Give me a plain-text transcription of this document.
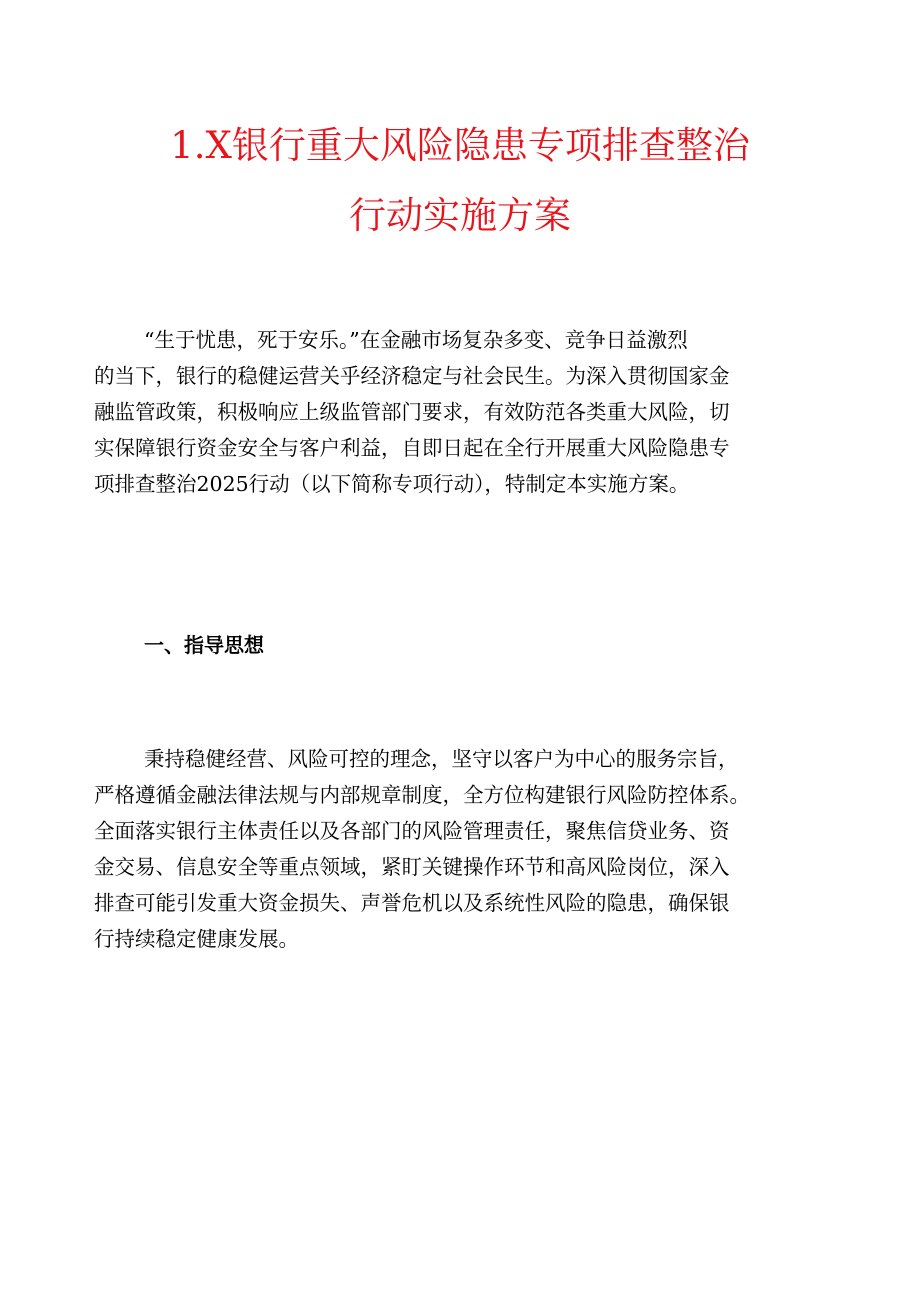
1.X银行重大风险隐患专项排查整治
行动实施方案
“生于忧患，死于安乐。”在金融市场复杂多变、竞争日益激烈
的当下，银行的稳健运营关乎经济稳定与社会民生。为深入贯彻国家金
融监管政策，积极响应上级监管部门要求，有效防范各类重大风险，切
实保障银行资金安全与客户利益，自即日起在全行开展重大风险隐患专
项排查整治2025行动（以下简称专项行动），特制定本实施方案。
一、指导思想
秉持稳健经营、风险可控的理念，坚守以客户为中心的服务宗旨，
严格遵循金融法律法规与内部规章制度，全方位构建银行风险防控体系。
全面落实银行主体责任以及各部门的风险管理责任，聚焦信贷业务、资
金交易、信息安全等重点领域，紧盯关键操作环节和高风险岗位，深入
排查可能引发重大资金损失、声誉危机以及系统性风险的隐患，确保银
行持续稳定健康发展。
